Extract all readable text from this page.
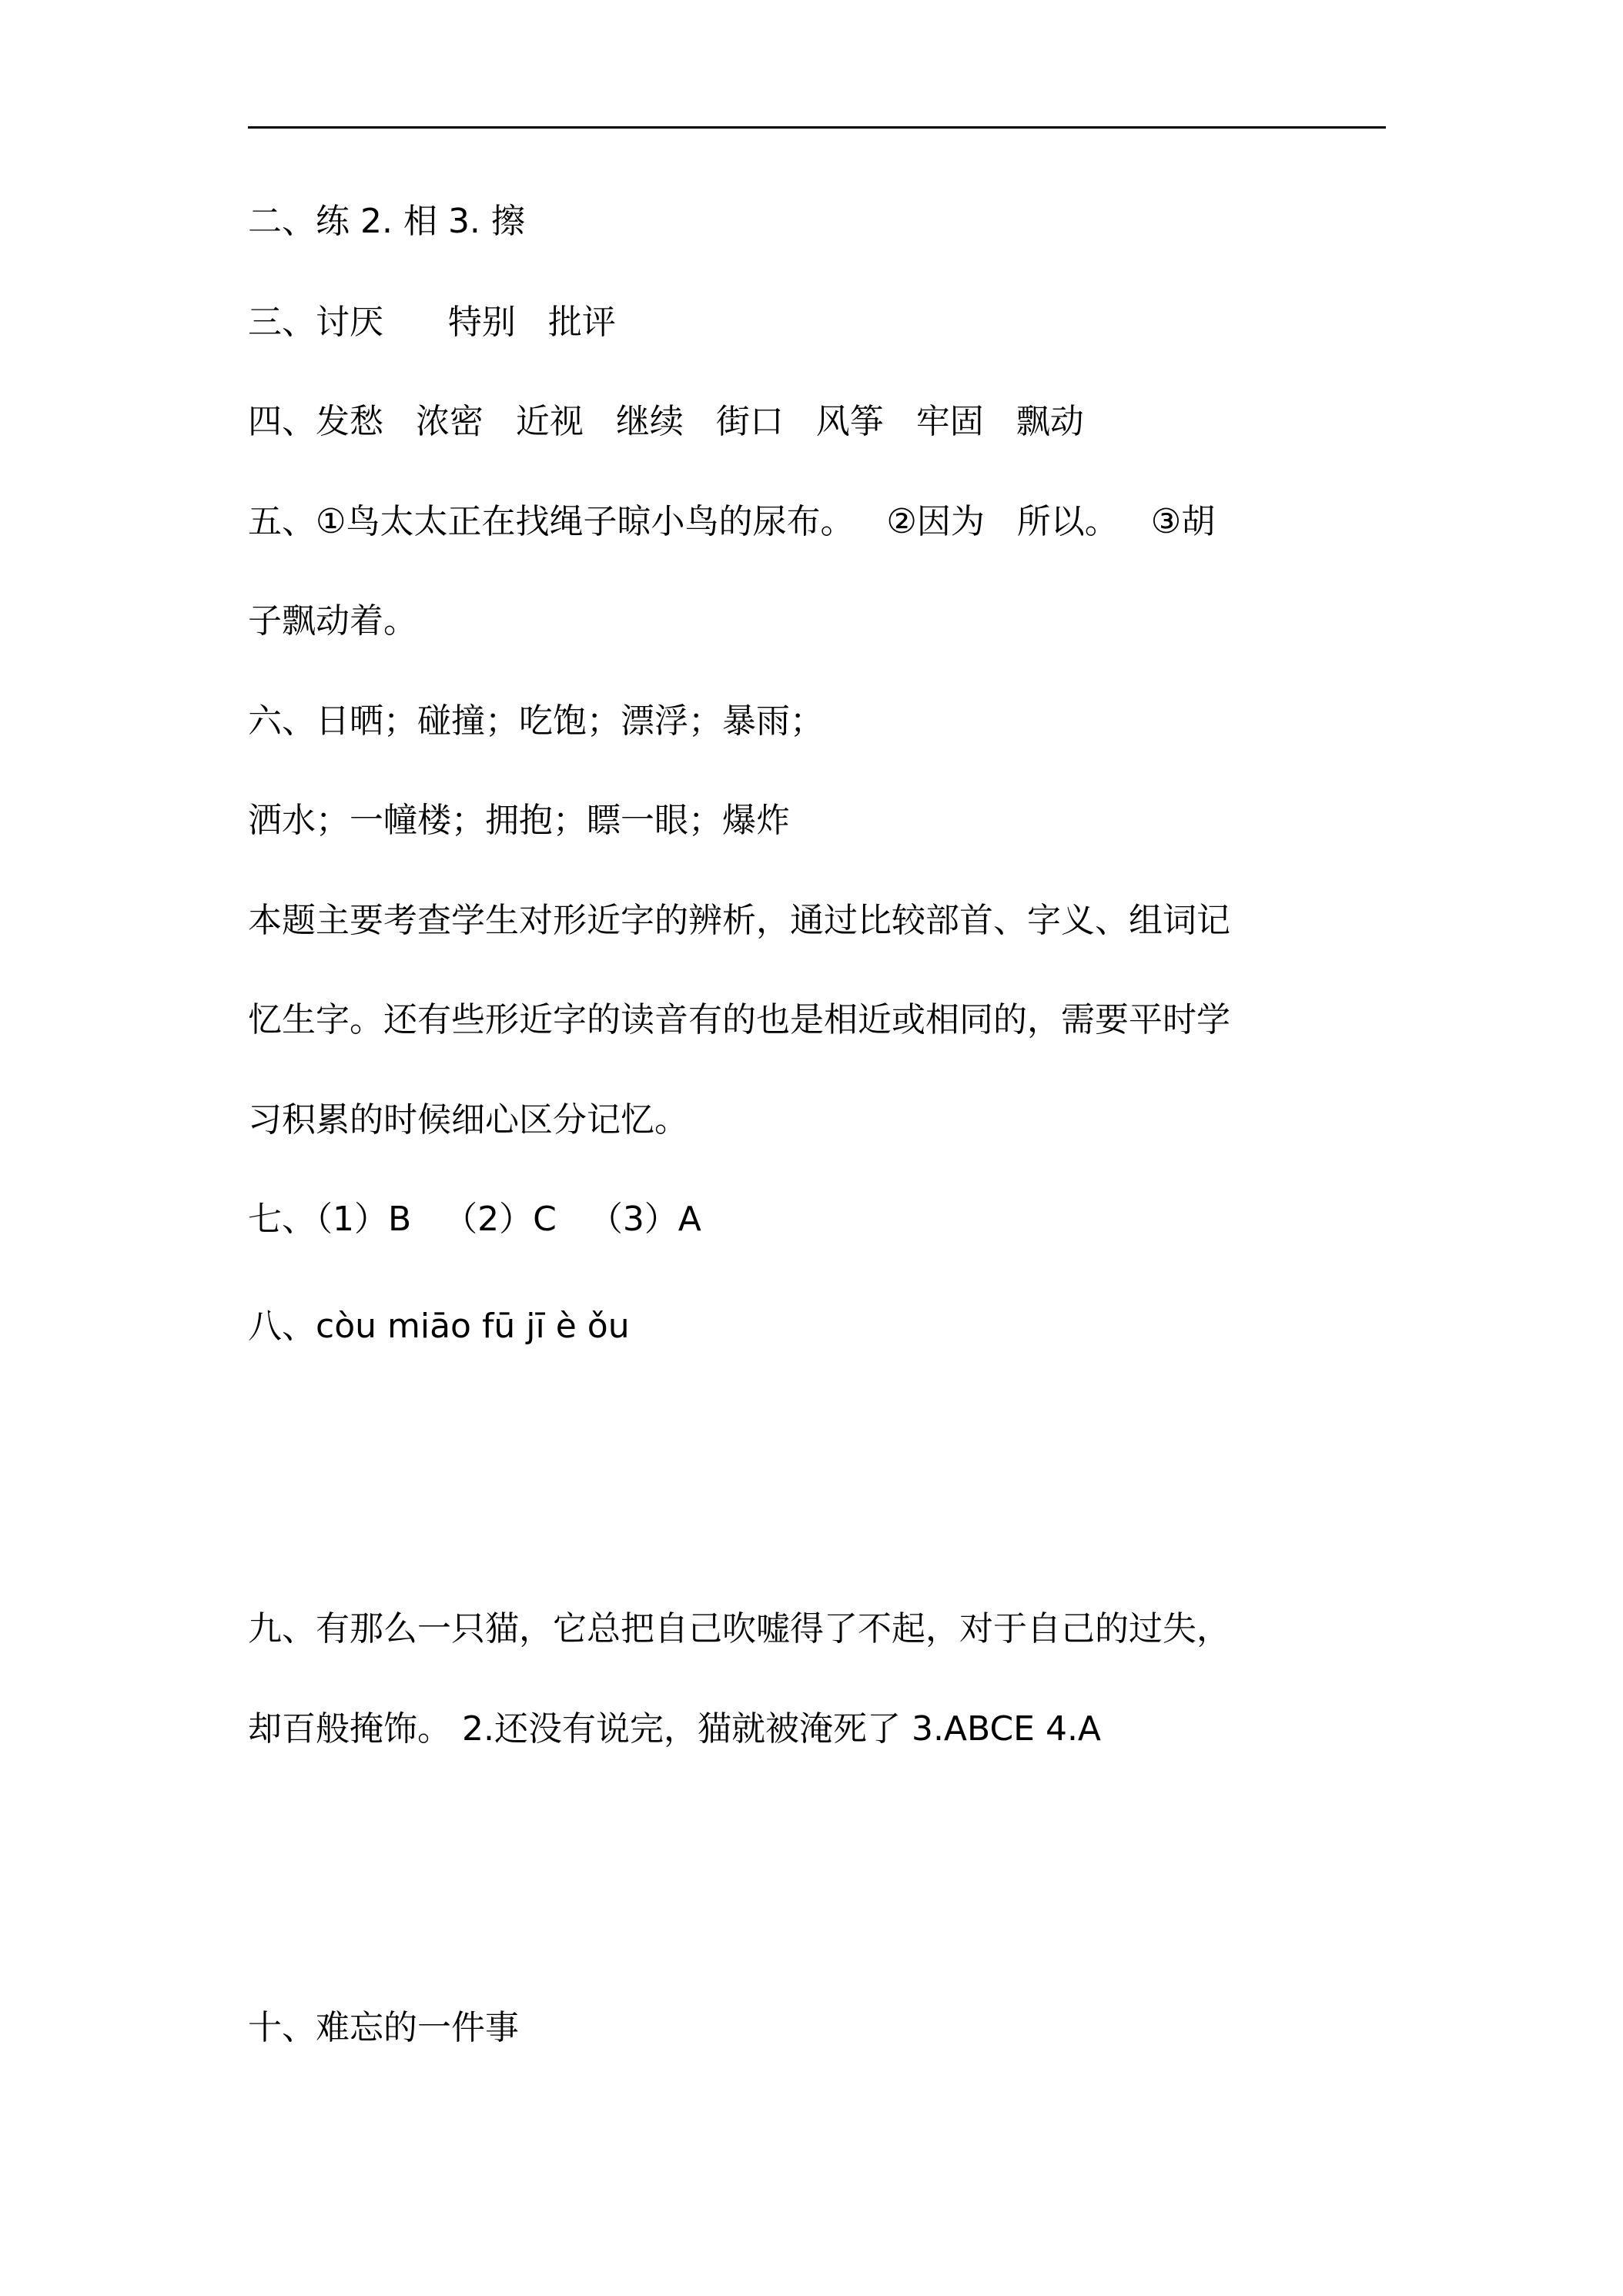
二、练 2. 相 3. 擦
三、讨厌      特别   批评
四、发愁   浓密   近视   继续   街口   风筝   牢固   飘动
五、①鸟太太正在找绳子晾小鸟的尿布。   ②因为   所以。   ③胡
子飘动着。
六、日晒；碰撞；吃饱；漂浮；暴雨；
洒水；一幢楼；拥抱；瞟一眼；爆炸
本题主要考查学生对形近字的辨析，通过比较部首、字义、组词记
忆生字。还有些形近字的读音有的也是相近或相同的，需要平时学
习积累的时候细心区分记忆。
七、（1）B   （2）C   （3）A
八、còu miāo fū jī è ǒu
九、有那么一只猫，它总把自己吹嘘得了不起，对于自己的过失，
却百般掩饰。 2.还没有说完，猫就被淹死了 3.ABCE 4.A
十、难忘的一件事
